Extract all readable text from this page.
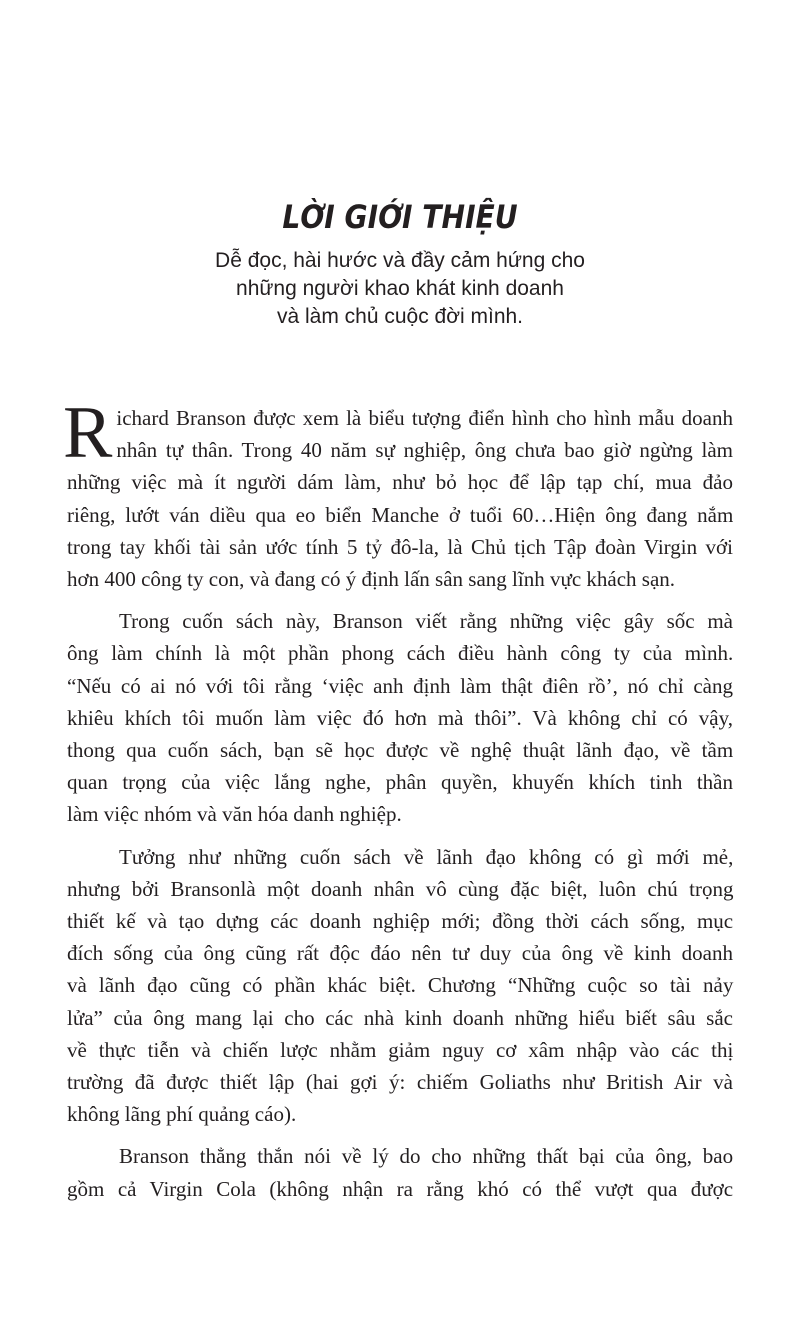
LỜI GIỚI THIỆU
Dễ đọc, hài hước và đầy cảm hứng cho
những người khao khát kinh doanh
và làm chủ cuộc đời mình.
R ichard Branson được xem là biểu tượng điển hình cho hình mẫu doanh
nhân tự thân. Trong 40 năm sự nghiệp, ông chưa bao giờ ngừng làm
những việc mà ít người dám làm, như bỏ học để lập tạp chí, mua đảo
riêng, lướt ván diều qua eo biển Manche ở tuổi 60…Hiện ông đang nắm
trong tay khối tài sản ước tính 5 tỷ đô-la, là Chủ tịch Tập đoàn Virgin với
hơn 400 công ty con, và đang có ý định lấn sân sang lĩnh vực khách sạn.
Trong cuốn sách này, Branson viết rằng những việc gây sốc mà
ông làm chính là một phần phong cách điều hành công ty của mình.
“Nếu có ai nó với tôi rằng ‘việc anh định làm thật điên rồ’, nó chỉ càng
khiêu khích tôi muốn làm việc đó hơn mà thôi”. Và không chỉ có vậy,
thong qua cuốn sách, bạn sẽ học được về nghệ thuật lãnh đạo, về tầm
quan trọng của việc lắng nghe, phân quyền, khuyến khích tinh thần
làm việc nhóm và văn hóa danh nghiệp.
Tưởng như những cuốn sách về lãnh đạo không có gì mới mẻ,
nhưng bởi Bransonlà một doanh nhân vô cùng đặc biệt, luôn chú trọng
thiết kế và tạo dựng các doanh nghiệp mới; đồng thời cách sống, mục
đích sống của ông cũng rất độc đáo nên tư duy của ông về kinh doanh
và lãnh đạo cũng có phần khác biệt. Chương “Những cuộc so tài nảy
lửa” của ông mang lại cho các nhà kinh doanh những hiểu biết sâu sắc
về thực tiễn và chiến lược nhằm giảm nguy cơ xâm nhập vào các thị
trường đã được thiết lập (hai gợi ý: chiếm Goliaths như British Air và
không lãng phí quảng cáo).
Branson thẳng thắn nói về lý do cho những thất bại của ông, bao
gồm cả Virgin Cola (không nhận ra rằng khó có thể vượt qua được
